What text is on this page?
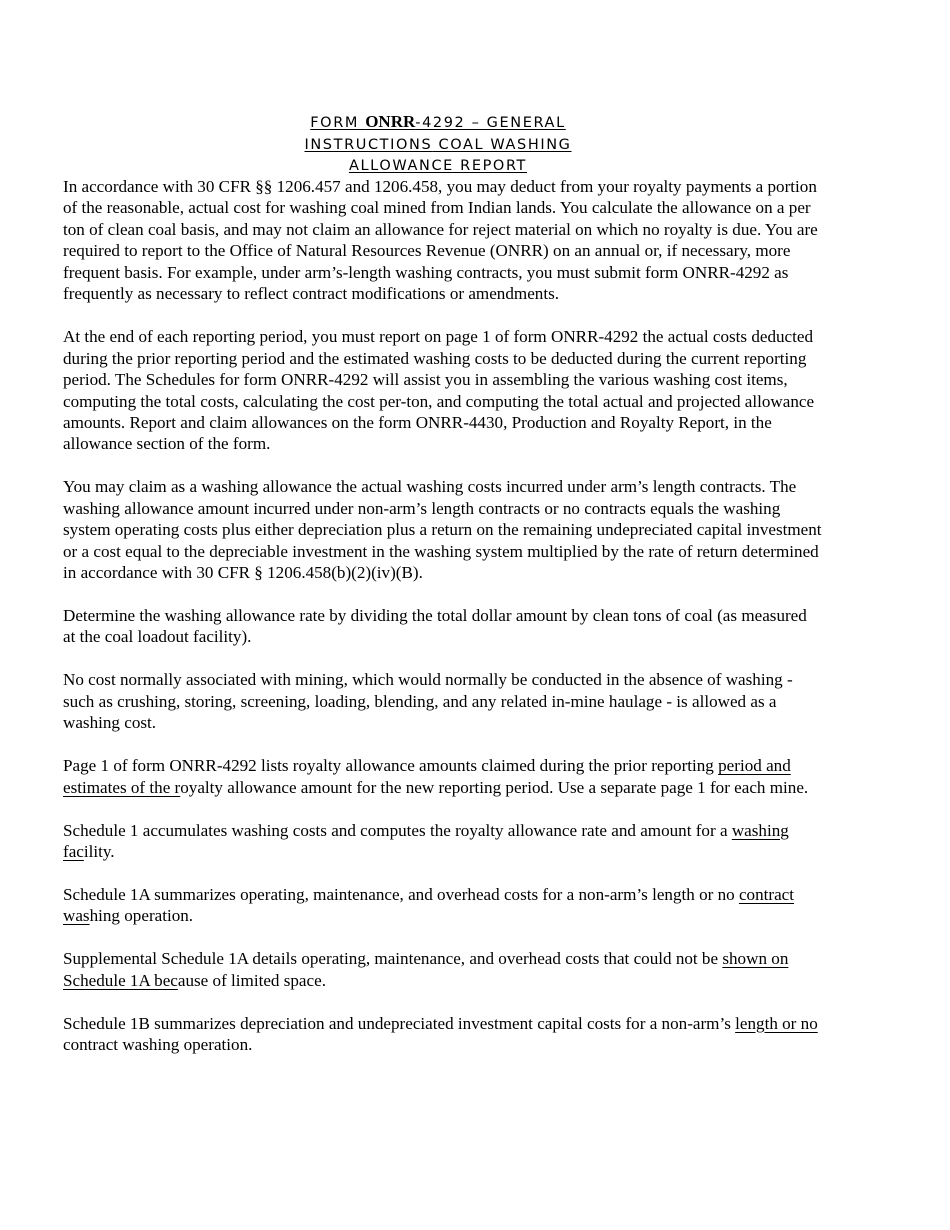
FORM ONRR-4292 – GENERAL
INSTRUCTIONS COAL WASHING
ALLOWANCE REPORT

In accordance with 30 CFR §§ 1206.457 and 1206.458, you may deduct from your royalty payments a portion of the reasonable, actual cost for washing coal mined from Indian lands. You calculate the allowance on a per ton of clean coal basis, and may not claim an allowance for reject material on which no royalty is due. You are required to report to the Office of Natural Resources Revenue (ONRR) on an annual or, if necessary, more frequent basis. For example, under arm’s-length washing contracts, you must submit form ONRR-4292 as frequently as necessary to reflect contract modifications or amendments.

At the end of each reporting period, you must report on page 1 of form ONRR-4292 the actual costs deducted during the prior reporting period and the estimated washing costs to be deducted during the current reporting period. The Schedules for form ONRR-4292 will assist you in assembling the various washing cost items, computing the total costs, calculating the cost per-ton, and computing the total actual and projected allowance amounts. Report and claim allowances on the form ONRR-4430, Production and Royalty Report, in the allowance section of the form.

You may claim as a washing allowance the actual washing costs incurred under arm’s length contracts. The washing allowance amount incurred under non-arm’s length contracts or no contracts equals the washing system operating costs plus either depreciation plus a return on the remaining undepreciated capital investment or a cost equal to the depreciable investment in the washing system multiplied by the rate of return determined in accordance with 30 CFR § 1206.458(b)(2)(iv)(B).

Determine the washing allowance rate by dividing the total dollar amount by clean tons of coal (as measured at the coal loadout facility).

No cost normally associated with mining, which would normally be conducted in the absence of washing - such as crushing, storing, screening, loading, blending, and any related in-mine haulage - is allowed as a washing cost.

Page 1 of form ONRR-4292 lists royalty allowance amounts claimed during the prior reporting period and estimates of the royalty allowance amount for the new reporting period. Use a separate page 1 for each mine.

Schedule 1 accumulates washing costs and computes the royalty allowance rate and amount for a washing facility.

Schedule 1A summarizes operating, maintenance, and overhead costs for a non-arm’s length or no contract washing operation.

Supplemental Schedule 1A details operating, maintenance, and overhead costs that could not be shown on Schedule 1A because of limited space.

Schedule 1B summarizes depreciation and undepreciated investment capital costs for a non-arm’s length or no contract washing operation.
